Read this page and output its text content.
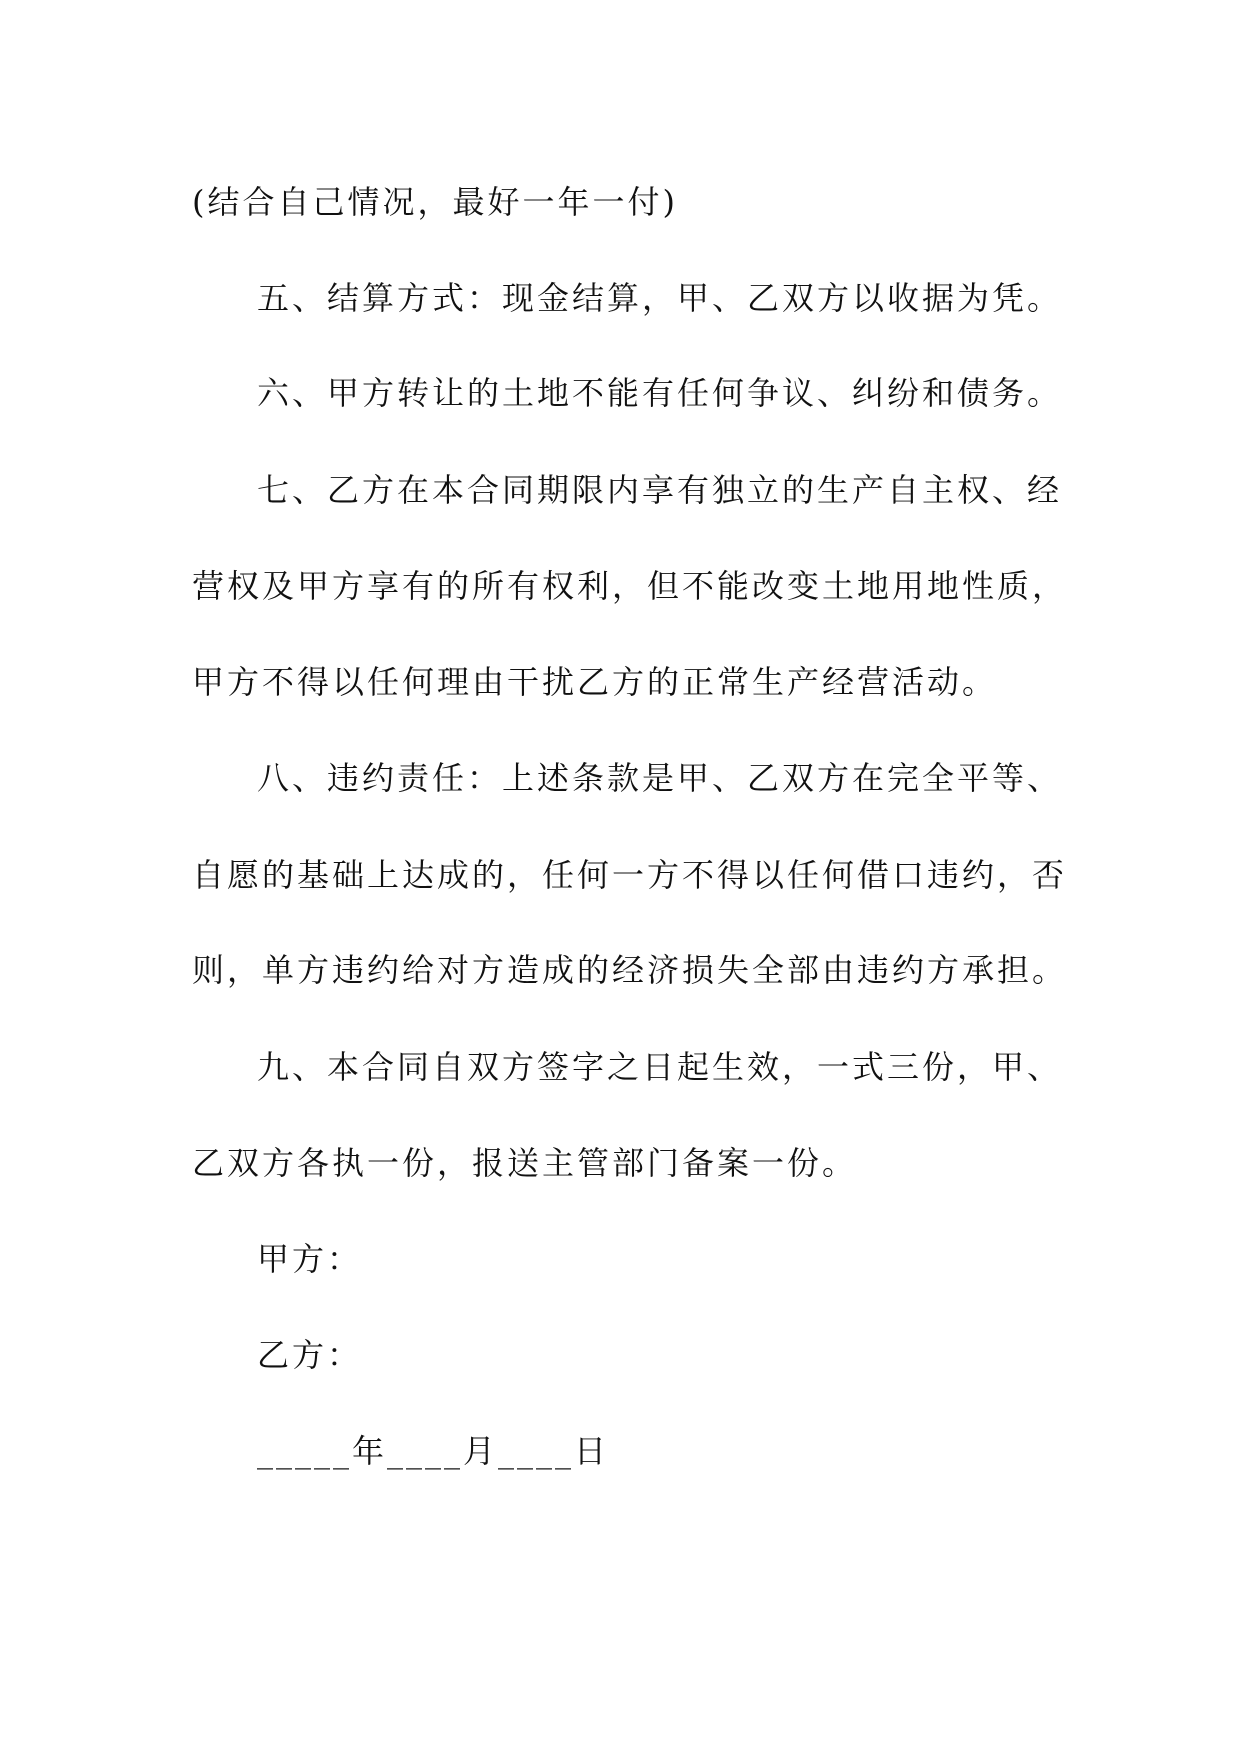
(结合自己情况，最好一年一付)

五、结算方式：现金结算，甲、乙双方以收据为凭。

六、甲方转让的土地不能有任何争议、纠纷和债务。

七、乙方在本合同期限内享有独立的生产自主权、经

营权及甲方享有的所有权利，但不能改变土地用地性质，

甲方不得以任何理由干扰乙方的正常生产经营活动。

八、违约责任：上述条款是甲、乙双方在完全平等、

自愿的基础上达成的，任何一方不得以任何借口违约，否

则，单方违约给对方造成的经济损失全部由违约方承担。

九、本合同自双方签字之日起生效，一式三份，甲、

乙双方各执一份，报送主管部门备案一份。

甲方：

乙方：

_____年____月____日
